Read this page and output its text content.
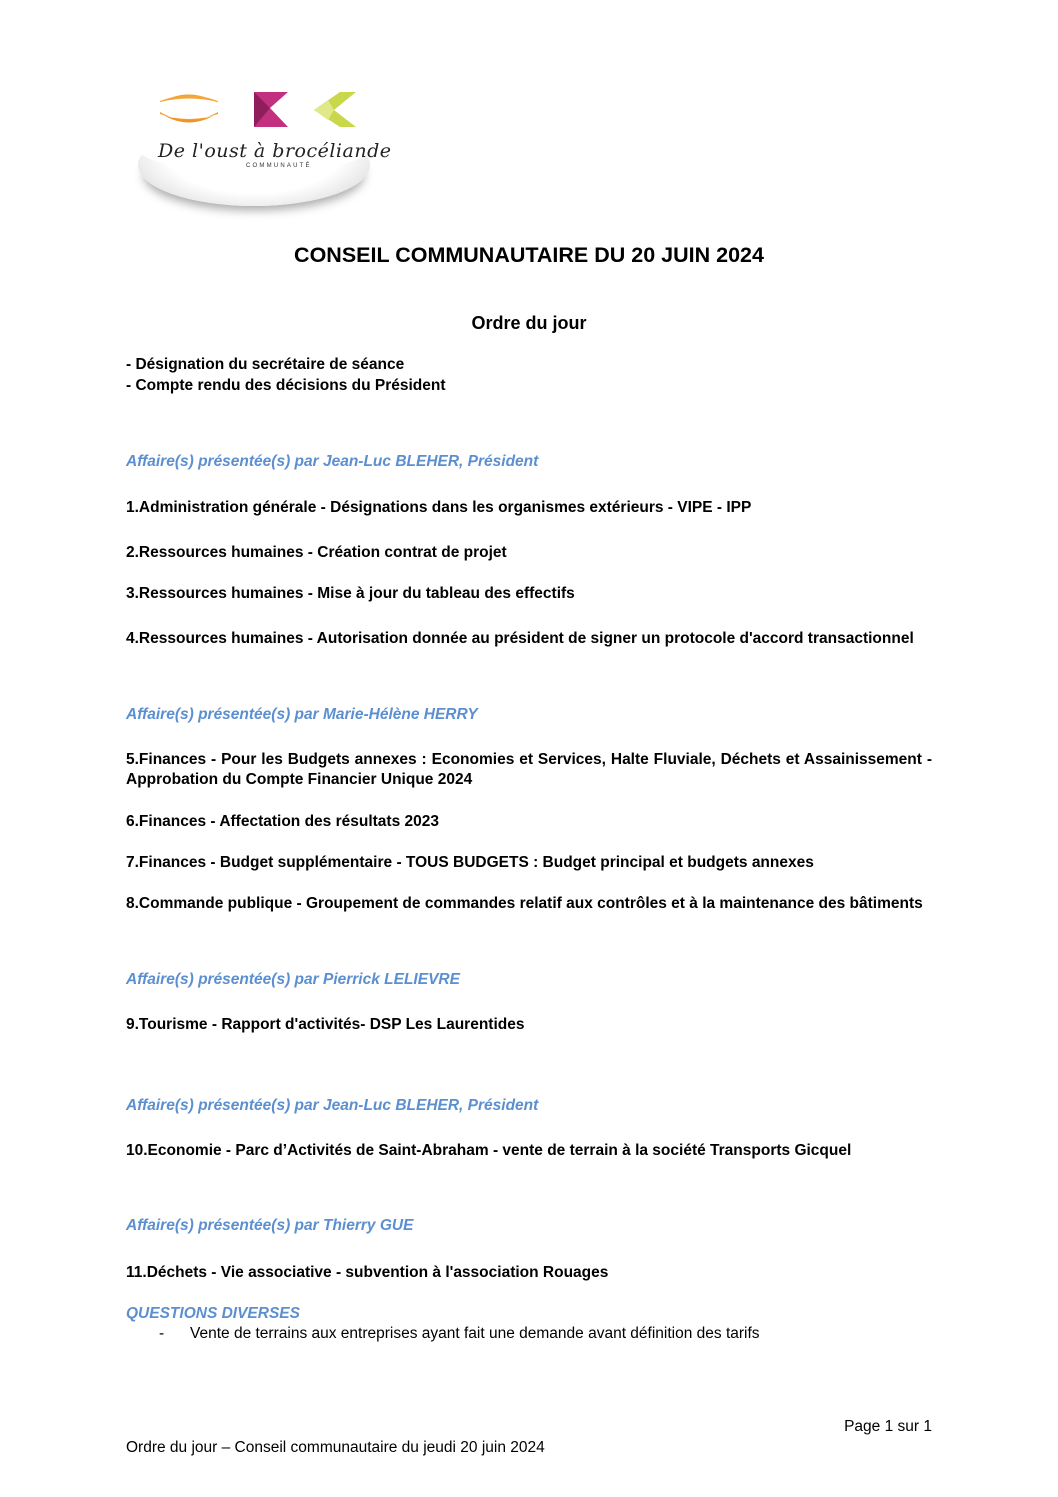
De l'oust à brocéliande
COMMUNAUTÉ
CONSEIL COMMUNAUTAIRE DU 20 JUIN 2024
Ordre du jour
- Désignation du secrétaire de séance
- Compte rendu des décisions du Président
Affaire(s) présentée(s) par Jean-Luc BLEHER, Président
1.Administration générale - Désignations dans les organismes extérieurs - VIPE - IPP
2.Ressources humaines - Création contrat de projet
3.Ressources humaines - Mise à jour du tableau des effectifs
4.Ressources humaines - Autorisation donnée au président de signer un protocole d'accord transactionnel
Affaire(s) présentée(s) par Marie-Hélène HERRY
5.Finances - Pour les Budgets annexes : Economies et Services, Halte Fluviale, Déchets et Assainissement - Approbation du Compte Financier Unique 2024
6.Finances - Affectation des résultats 2023
7.Finances - Budget supplémentaire - TOUS BUDGETS : Budget principal et budgets annexes
8.Commande publique - Groupement de commandes relatif aux contrôles et à la maintenance des bâtiments
Affaire(s) présentée(s) par Pierrick LELIEVRE
9.Tourisme - Rapport d'activités- DSP Les Laurentides
Affaire(s) présentée(s) par Jean-Luc BLEHER, Président
10.Economie - Parc d’Activités de Saint-Abraham - vente de terrain à la société Transports Gicquel
Affaire(s) présentée(s) par Thierry GUE
11.Déchets - Vie associative - subvention à l'association Rouages
QUESTIONS DIVERSES
- Vente de terrains aux entreprises ayant fait une demande avant définition des tarifs
Page 1 sur 1
Ordre du jour – Conseil communautaire du jeudi 20 juin 2024
